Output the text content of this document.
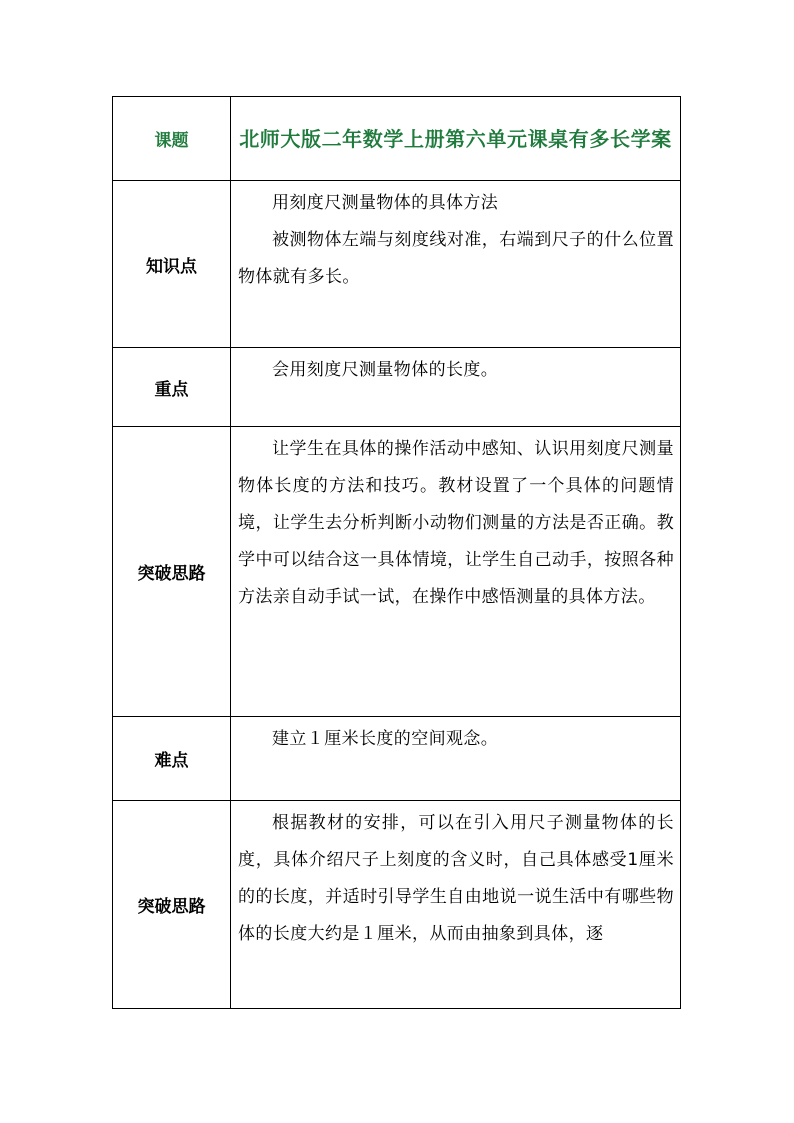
课题	北师大版二年数学上册第六单元课桌有多长学案
知识点	用刻度尺测量物体的具体方法

被测物体左端与刻度线对准，右端到尺子的什么位置物体就有多长。

重点	会用刻度尺测量物体的长度。

突破思路	让学生在具体的操作活动中感知、认识用刻度尺测量物体长度的方法和技巧。教材设置了一个具体的问题情境，让学生去分析判断小动物们测量的方法是否正确。教学中可以结合这一具体情境，让学生自己动手，按照各种方法亲自动手试一试，在操作中感悟测量的具体方法。

难点	建立１厘米长度的空间观念。

突破思路	根据教材的安排，可以在引入用尺子测量物体的长度，具体介绍尺子上刻度的含义时，自己具体感受1厘米的的长度，并适时引导学生自由地说一说生活中有哪些物体的长度大约是１厘米，从而由抽象到具体，逐
